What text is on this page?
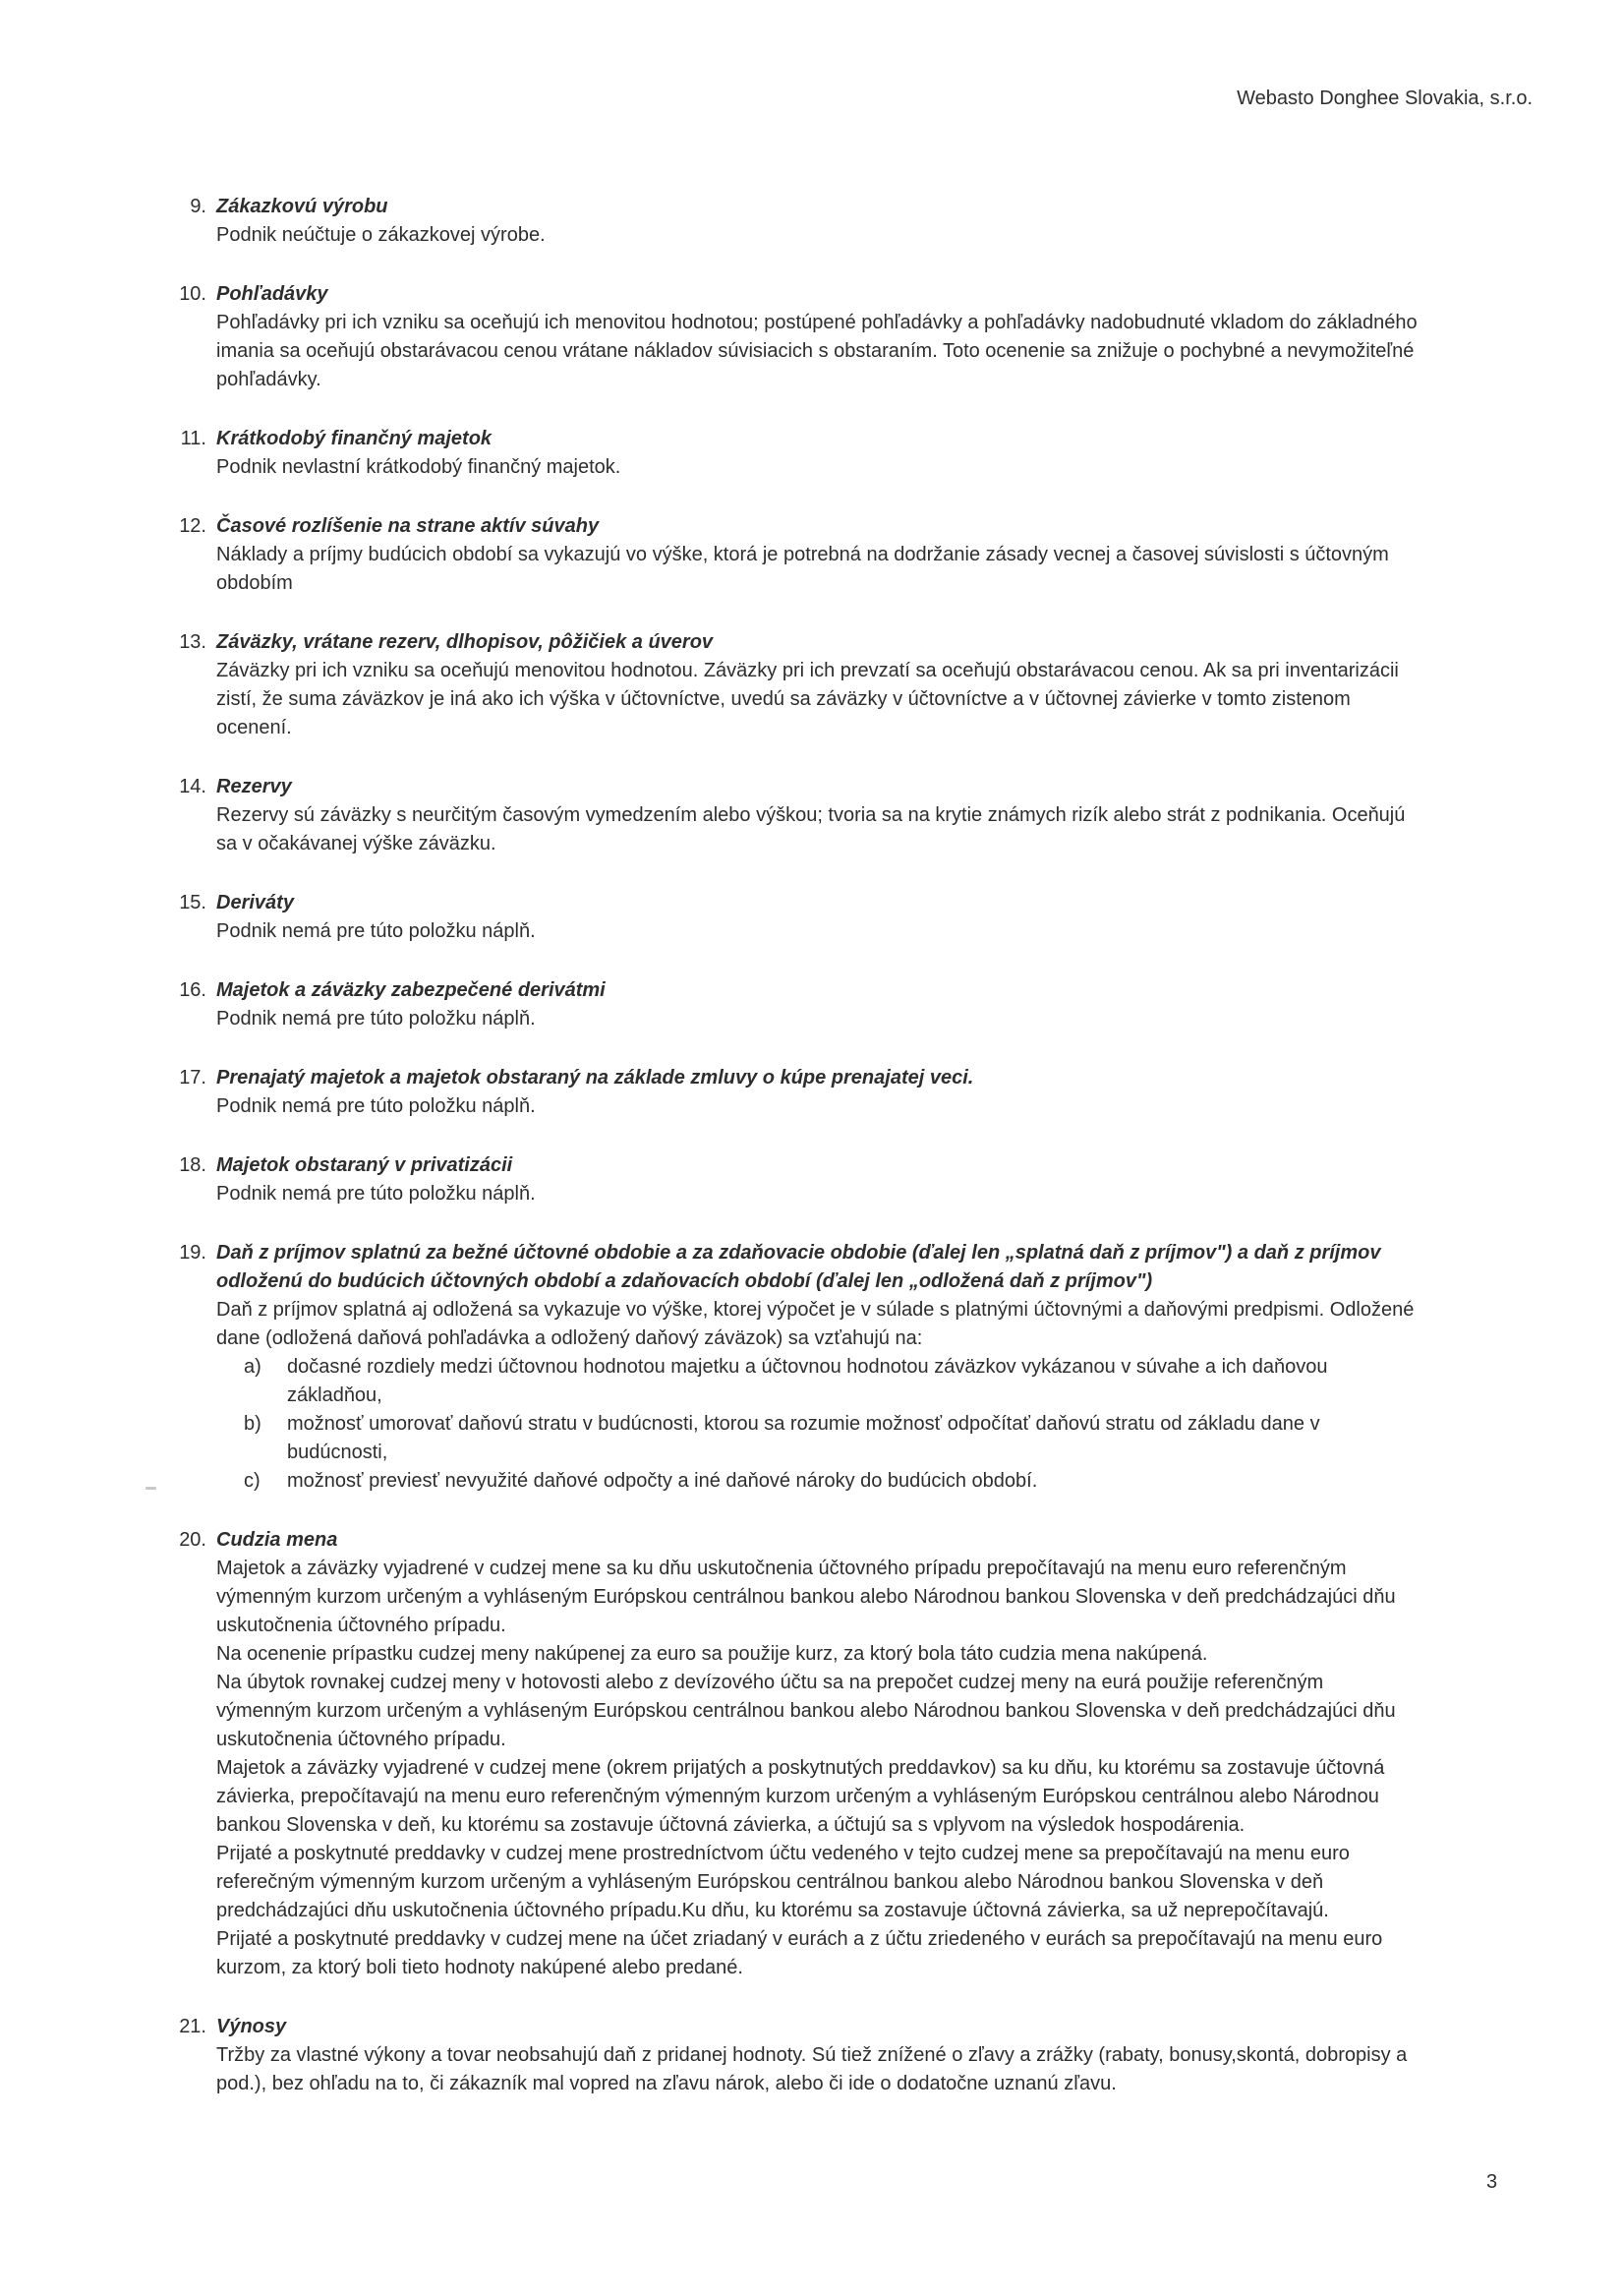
Webasto Donghee Slovakia, s.r.o.
9. Zákazkovú výrobu
Podnik neúčtuje o zákazkovej výrobe.
10. Pohľadávky
Pohľadávky pri ich vzniku sa oceňujú ich menovitou hodnotou; postúpené pohľadávky a pohľadávky nadobudnuté vkladom do základného imania sa oceňujú obstarávacou cenou vrátane nákladov súvisiacich s obstaraním. Toto ocenenie sa znižuje o pochybné a nevymožiteľné pohľadávky.
11. Krátkodobý finančný majetok
Podnik nevlastní krátkodobý finančný majetok.
12. Časové rozlíšenie na strane aktív súvahy
Náklady a príjmy budúcich období sa vykazujú vo výške, ktorá je potrebná na dodržanie zásady vecnej a časovej súvislosti s účtovným obdobím
13. Záväzky, vrátane rezerv, dlhopisov, pôžičiek a úverov
Záväzky pri ich vzniku sa oceňujú menovitou hodnotou. Záväzky pri ich prevzatí sa oceňujú obstarávacou cenou. Ak sa pri inventarizácii zistí, že suma záväzkov je iná ako ich výška v účtovníctve, uvedú sa záväzky v účtovníctve a v účtovnej závierke v tomto zistenom ocenení.
14. Rezervy
Rezervy sú záväzky s neurčitým časovým vymedzením alebo výškou; tvoria sa na krytie známych rizík alebo strát z podnikania. Oceňujú sa v očakávanej výške záväzku.
15. Deriváty
Podnik nemá pre túto položku náplň.
16. Majetok a záväzky zabezpečené derivátmi
Podnik nemá pre túto položku náplň.
17. Prenajatý majetok a majetok obstaraný na základe zmluvy o kúpe prenajatej veci.
Podnik nemá pre túto položku náplň.
18. Majetok obstaraný v privatizácii
Podnik nemá pre túto položku náplň.
19. Daň z príjmov splatnú za bežné účtovné obdobie a za zdaňovacie obdobie (ďalej len „splatná daň z príjmov") a daň z príjmov odloženú do budúcich účtovných období a zdaňovacích období (ďalej len „odložená daň z príjmov")
Daň z príjmov splatná aj odložená sa vykazuje vo výške, ktorej výpočet je v súlade s platnými účtovnými a daňovými predpismi. Odložené dane (odložená daňová pohľadávka a odložený daňový záväzok) sa vzťahujú na:
a)	dočasné rozdiely medzi účtovnou hodnotou majetku a účtovnou hodnotou záväzkov vykázanou v súvahe a ich daňovou základňou,
b)	možnosť umorovať daňovú stratu v budúcnosti, ktorou sa rozumie možnosť odpočítať daňovú stratu od základu dane v budúcnosti,
c)	možnosť previesť nevyužité daňové odpočty a iné daňové nároky do budúcich období.
20. Cudzia mena
Majetok a záväzky vyjadrené v cudzej mene sa ku dňu uskutočnenia účtovného prípadu prepočítavajú na menu euro referenčným výmenným kurzom určeným a vyhláseným Európskou centrálnou bankou alebo Národnou bankou Slovenska v deň predchádzajúci dňu uskutočnenia účtovného prípadu.
Na ocenenie prípastku cudzej meny nakúpenej za euro sa použije kurz, za ktorý bola táto cudzia mena nakúpená.
Na úbytok rovnakej cudzej meny v hotovosti alebo z devízového účtu sa na prepočet cudzej meny na eurá použije referenčným výmenným kurzom určeným a vyhláseným Európskou centrálnou bankou alebo Národnou bankou Slovenska v deň predchádzajúci dňu uskutočnenia účtovného prípadu.
Majetok a záväzky vyjadrené v cudzej mene (okrem prijatých a poskytnutých preddavkov) sa ku dňu, ku ktorému sa zostavuje účtovná závierka, prepočítavajú na menu euro referenčným výmenným kurzom určeným a vyhláseným Európskou centrálnou alebo Národnou bankou Slovenska v deň, ku ktorému sa zostavuje účtovná závierka, a účtujú sa s vplyvom na výsledok hospodárenia.
Prijaté a poskytnuté preddavky v cudzej mene prostredníctvom účtu vedeného v tejto cudzej mene sa prepočítavajú na menu euro referečným výmenným kurzom určeným a vyhláseným Európskou centrálnou bankou alebo Národnou bankou Slovenska v deň predchádzajúci dňu uskutočnenia účtovného prípadu.Ku dňu, ku ktorému sa zostavuje účtovná závierka, sa už neprepočítavajú.
Prijaté a poskytnuté preddavky v cudzej mene na účet zriadaný v eurách a z účtu zriedeného v eurách sa prepočítavajú na menu euro kurzom, za ktorý boli tieto hodnoty nakúpené alebo predané.
21. Výnosy
Tržby za vlastné výkony a tovar neobsahujú daň z pridanej hodnoty. Sú tiež znížené o zľavy a zrážky (rabaty, bonusy,skontá, dobropisy a pod.), bez ohľadu na to, či zákazník mal vopred na zľavu nárok, alebo či ide o dodatočne uznanú zľavu.
3
